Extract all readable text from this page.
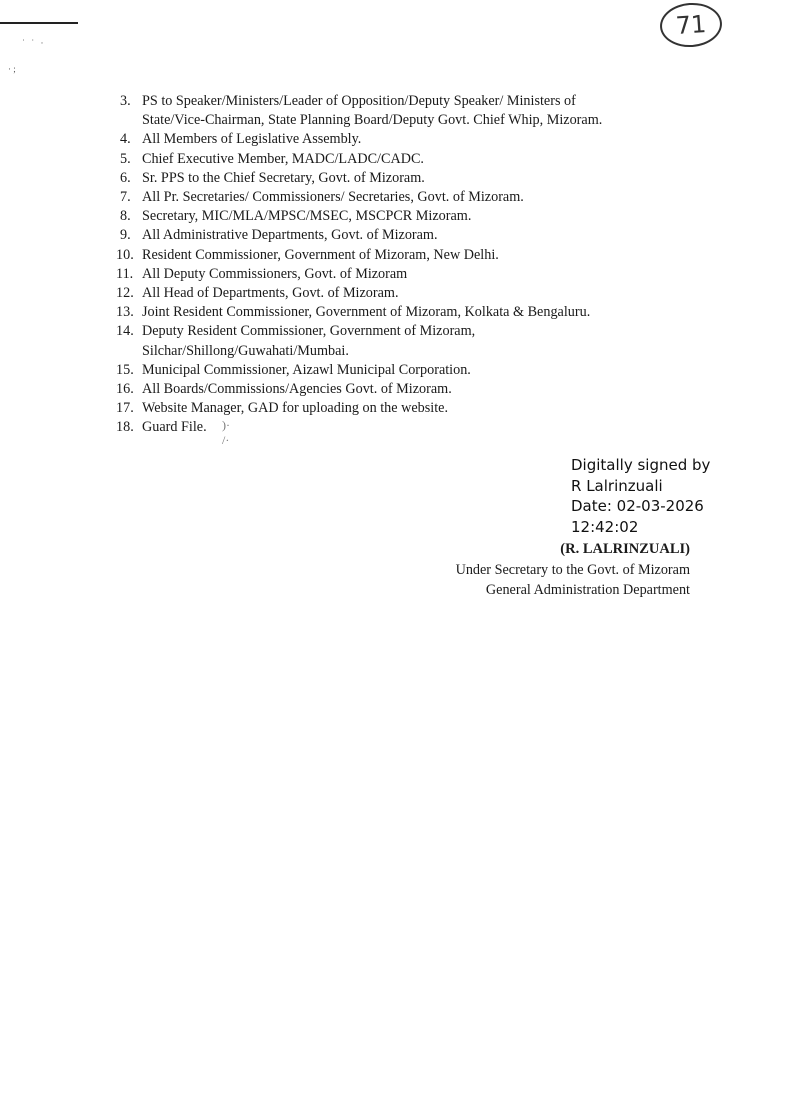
˙ ˙ ·
· ;
71
3. PS to Speaker/Ministers/Leader of Opposition/Deputy Speaker/ Ministers of
State/Vice-Chairman, State Planning Board/Deputy Govt. Chief Whip, Mizoram.
4. All Members of Legislative Assembly.
5. Chief Executive Member, MADC/LADC/CADC.
6. Sr. PPS to the Chief Secretary, Govt. of Mizoram.
7. All Pr. Secretaries/ Commissioners/ Secretaries, Govt. of Mizoram.
8. Secretary, MIC/MLA/MPSC/MSEC, MSCPCR Mizoram.
9. All Administrative Departments, Govt. of Mizoram.
10. Resident Commissioner, Government of Mizoram, New Delhi.
11. All Deputy Commissioners, Govt. of Mizoram
12. All Head of Departments, Govt. of Mizoram.
13. Joint Resident Commissioner, Government of Mizoram, Kolkata & Bengaluru.
14. Deputy Resident Commissioner, Government of Mizoram,
Silchar/Shillong/Guwahati/Mumbai.
15. Municipal Commissioner, Aizawl Municipal Corporation.
16. All Boards/Commissions/Agencies Govt. of Mizoram.
17. Website Manager, GAD for uploading on the website.
18. Guard File.	)·
/·
Digitally signed by
R Lalrinzuali
Date: 02-03-2026
12:42:02
(R. LALRINZUALI)
Under Secretary to the Govt. of Mizoram
General Administration Department
